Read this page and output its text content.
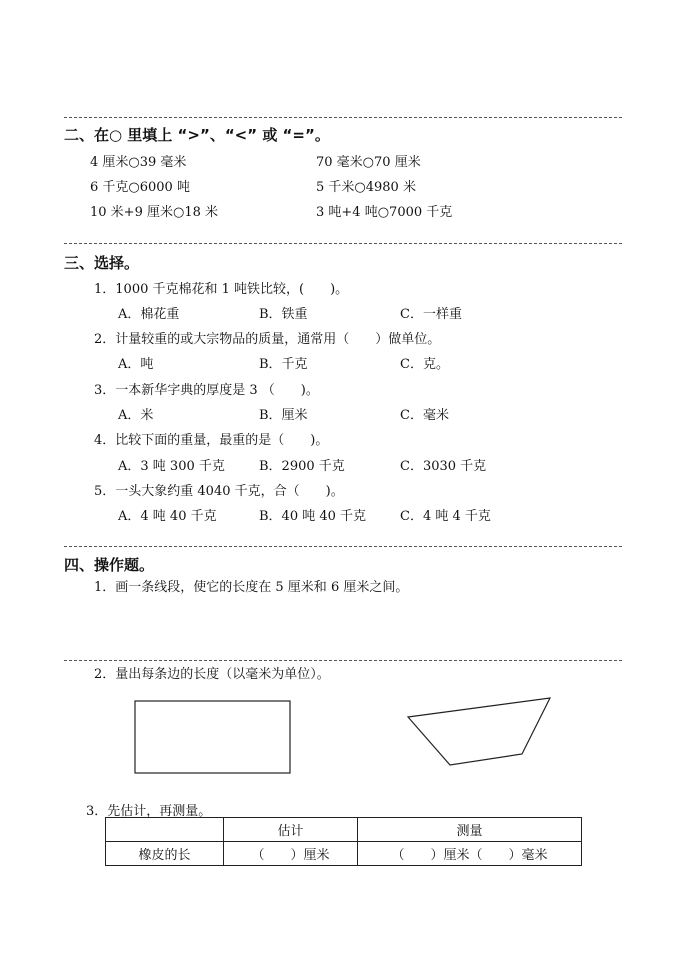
二、在○ 里填上 “>”、“<” 或 “=”。
4 厘米○39 毫米	70 毫米○70 厘米
6 千克○6000 吨	5 千米○4980 米
10 米+9 厘米○18 米	3 吨+4 吨○7000 千克
三、选择。
1．1000 千克棉花和 1 吨铁比较，(　　)。
A．棉花重	B．铁重	C．一样重
2．计量较重的或大宗物品的质量，通常用（　　）做单位。
A．吨	B．千克	C．克。
3．一本新华字典的厚度是 3 （　　)。
A．米	B．厘米	C．毫米
4．比较下面的重量，最重的是（　　)。
A．3 吨 300 千克	B．2900 千克	C．3030 千克
5．一头大象约重 4040 千克，合（　　)。
A．4 吨 40 千克	B．40 吨 40 千克	C．4 吨 4 千克
四、操作题。
1．画一条线段，使它的长度在 5 厘米和 6 厘米之间。
2．量出每条边的长度（以毫米为单位）。
3．先估计，再测量。
	估计	测量
橡皮的长	（　　）厘米	（　　）厘米（　　）毫米
